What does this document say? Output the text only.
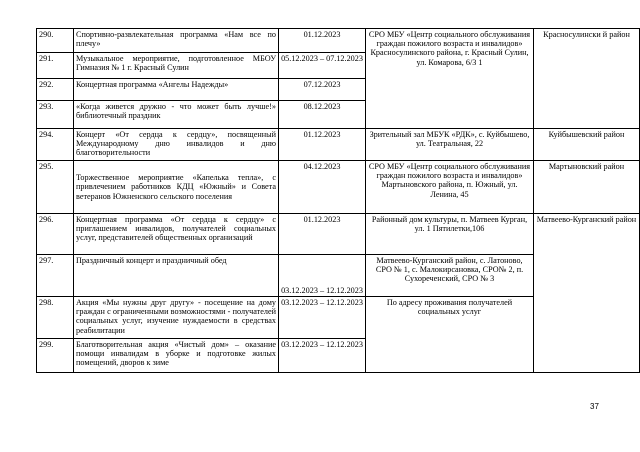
290.	Спортивно-развлекательная программа «Нам все по плечу»	01.12.2023	СРО МБУ «Центр социального обслуживания граждан пожилого возраста и инвалидов» Красносулинского района, г. Красный Сулин, ул. Комарова, 6/3 1	Красносулински й район
291.	Музыкальное мероприятие, подготовленное МБОУ Гимназия № 1 г. Красный Сулин	05.12.2023 – 07.12.2023		
292.	Концертная программа «Ангелы Надежды»	07.12.2023		
293.	«Когда живется дружно - что может быть лучше!» библиотечный праздник	08.12.2023		
294.	Концерт «От сердца к сердцу», посвященный Международному дню инвалидов и дню благотворительности	01.12.2023	Зрительный зал МБУК «РДК», с. Куйбышево, ул. Театральная, 22	Куйбышевский район
295.	Торжественное мероприятие «Капелька тепла», с привлечением работников КДЦ «Южный» и Совета ветеранов Южненского сельского поселения	04.12.2023	СРО МБУ «Центр социального обслуживания граждан пожилого возраста и инвалидов» Мартыновского района, п. Южный, ул. Ленина, 45	Мартыновский район
296.	Концертная программа «От сердца к сердцу» с приглашением инвалидов, получателей социальных услуг, представителей общественных организаций	01.12.2023	Районный дом культуры, п. Матвеев Курган, ул. 1 Пятилетки,106	Матвеево-Курганский район
297.	Праздничный концерт и праздничный обед	03.12.2023 – 12.12.2023	Матвеево-Курганский район, с. Латоново, СРО № 1, с. Малокирсановка, СРО№ 2, п. Сухореченский, СРО № 3	
298.	Акция «Мы нужны друг другу» - посещение на дому граждан с ограниченными возможностями - получателей социальных услуг, изучение нуждаемости в средствах реабилитации	03.12.2023 – 12.12.2023	По адресу проживания получателей социальных услуг	
299.	Благотворительная акция «Чистый дом» – оказание помощи инвалидам в уборке и подготовке жилых помещений, дворов к зиме	03.12.2023 – 12.12.2023		
37
